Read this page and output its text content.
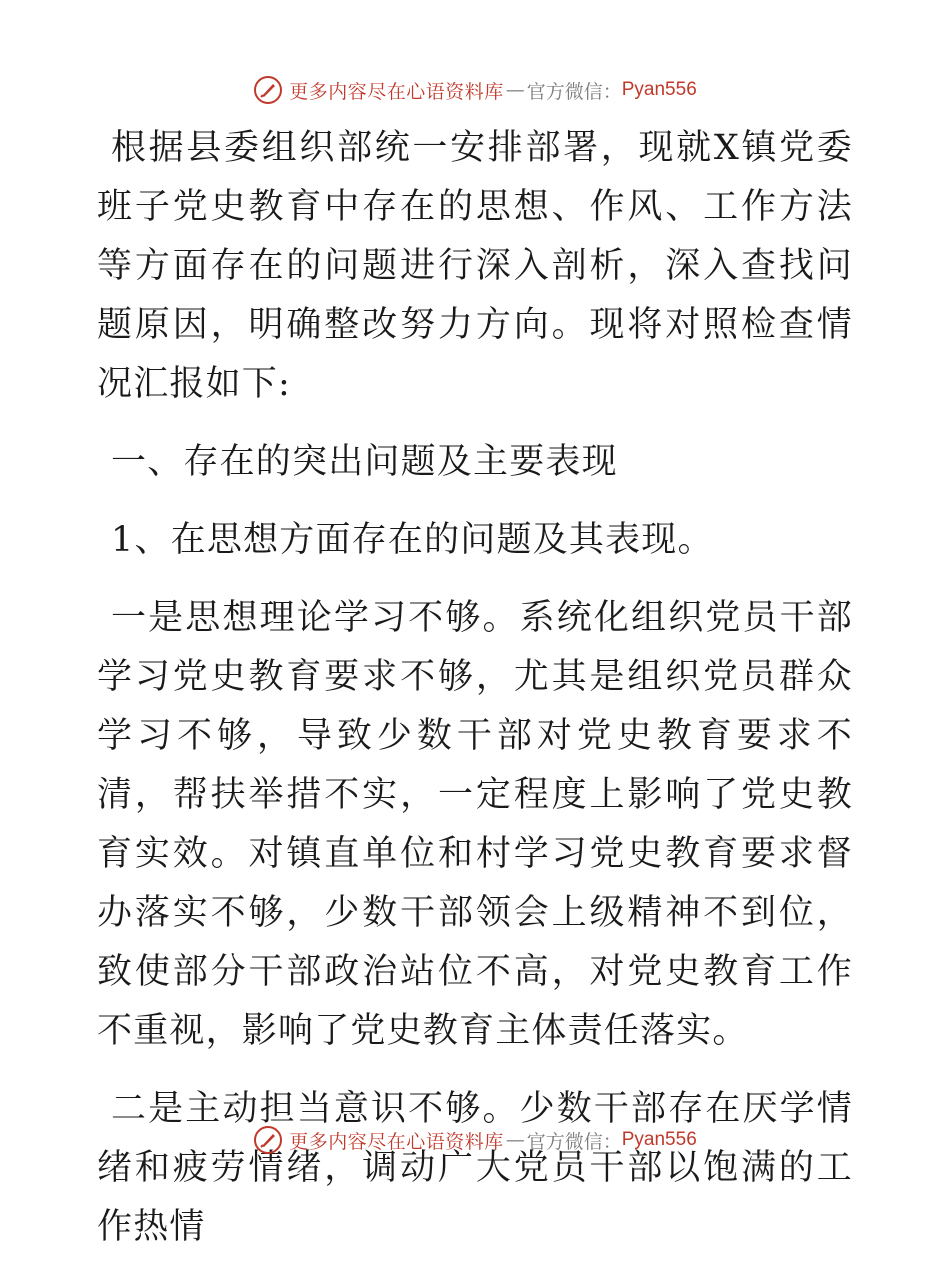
更多内容尽在心语资料库 — 官方微信： Pyan556

根据县委组织部统一安排部署，现就X镇党委班子党史教育中存在的思想、作风、工作方法等方面存在的问题进行深入剖析，深入查找问题原因，明确整改努力方向。现将对照检查情况汇报如下:

一、存在的突出问题及主要表现

1、在思想方面存在的问题及其表现。

一是思想理论学习不够。系统化组织党员干部学习党史教育要求不够，尤其是组织党员群众学习不够，导致少数干部对党史教育要求不清，帮扶举措不实，一定程度上影响了党史教育实效。对镇直单位和村学习党史教育要求督办落实不够，少数干部领会上级精神不到位，致使部分干部政治站位不高，对党史教育工作不重视，影响了党史教育主体责任落实。

二是主动担当意识不够。少数干部存在厌学情绪和疲劳情绪，调动广大党员干部以饱满的工作热情

更多内容尽在心语资料库 — 官方微信： Pyan556
